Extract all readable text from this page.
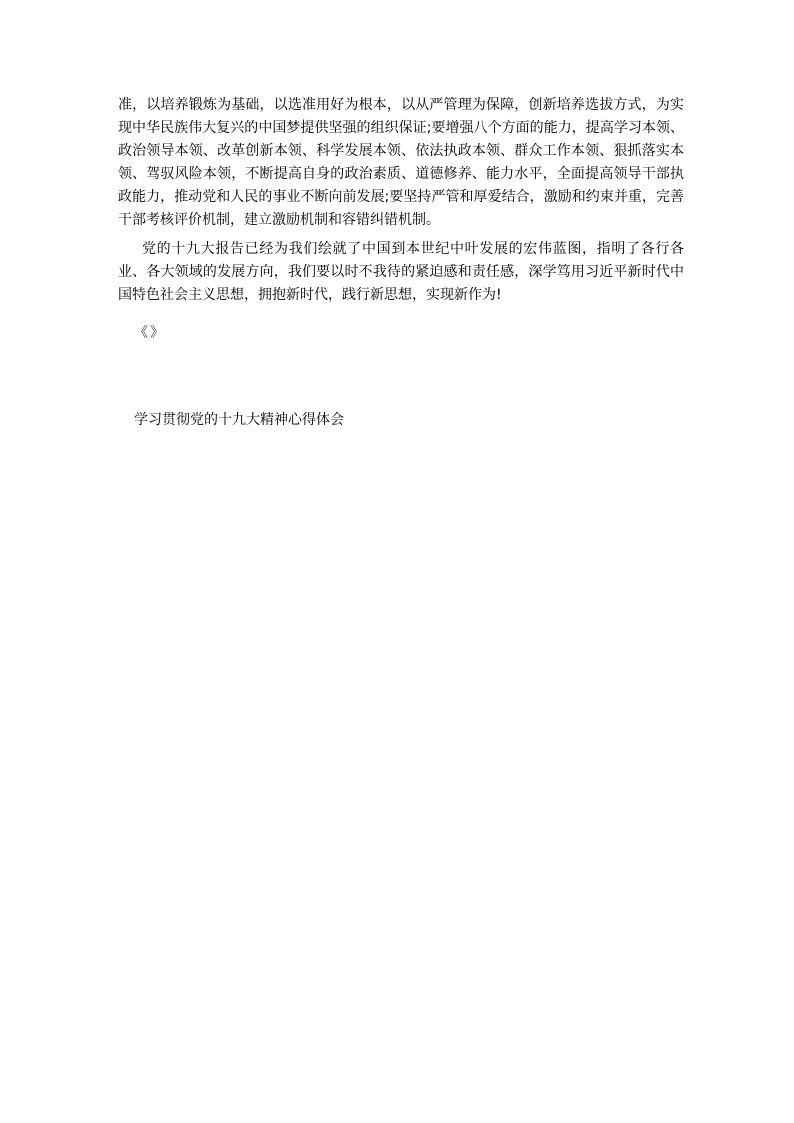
准，以培养锻炼为基础，以选准用好为根本，以从严管理为保障，创新培养选拔方式，为实现中华民族伟大复兴的中国梦提供坚强的组织保证;要增强八个方面的能力，提高学习本领、政治领导本领、改革创新本领、科学发展本领、依法执政本领、群众工作本领、狠抓落实本领、驾驭风险本领，不断提高自身的政治素质、道德修养、能力水平，全面提高领导干部执政能力，推动党和人民的事业不断向前发展;要坚持严管和厚爱结合，激励和约束并重，完善干部考核评价机制，建立激励机制和容错纠错机制。

党的十九大报告已经为我们绘就了中国到本世纪中叶发展的宏伟蓝图，指明了各行各业、各大领域的发展方向，我们要以时不我待的紧迫感和责任感，深学笃用习近平新时代中国特色社会主义思想，拥抱新时代，践行新思想，实现新作为!

《》
学习贯彻党的十九大精神心得体会
